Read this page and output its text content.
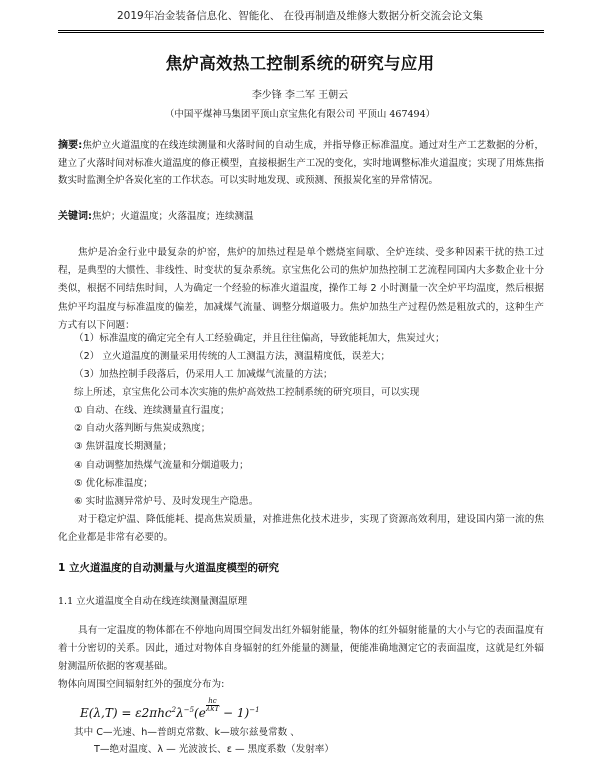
2019年冶金装备信息化、智能化、 在役再制造及维修大数据分析交流会论文集
焦炉高效热工控制系统的研究与应用
李少锋 李二军 王朝云
（中国平煤神马集团平顶山京宝焦化有限公司 平顶山 467494）
摘要:焦炉立火道温度的在线连续测量和火落时间的自动生成，并指导修正标准温度。通过对生产工艺数据的分析，建立了火落时间对标准火道温度的修正模型，直接根据生产工况的变化，实时地调整标准火道温度；实现了用炼焦指数实时监测全炉各炭化室的工作状态。可以实时地发现、或预测、预报炭化室的异常情况。
关键词:焦炉；火道温度；火落温度；连续测温
焦炉是冶金行业中最复杂的炉窑，焦炉的加热过程是单个燃烧室间歇、全炉连续、受多种因素干扰的热工过程，是典型的大惯性、非线性、时变状的复杂系统。京宝焦化公司的焦炉加热控制工艺流程同国内大多数企业十分类似，根据不同结焦时间，人为确定一个经验的标准火道温度，操作工每 2 小时测量一次全炉平均温度，然后根据焦炉平均温度与标准温度的偏差，加减煤气流量、调整分烟道吸力。焦炉加热生产过程仍然是粗放式的，这种生产方式有以下问题：
（1）标准温度的确定完全有人工经验确定，并且往往偏高，导致能耗加大，焦炭过火；
（2） 立火道温度的测量采用传统的人工测温方法，测温精度低，误差大；
（3）加热控制手段落后，仍采用人工 加减煤气流量的方法；
综上所述，京宝焦化公司本次实施的焦炉高效热工控制系统的研究项目，可以实现
① 自动、在线、连续测量直行温度；
② 自动火落判断与焦炭成熟度；
③ 焦饼温度长期测量；
④ 自动调整加热煤气流量和分烟道吸力；
⑤ 优化标准温度；
⑥ 实时监测异常炉号、及时发现生产隐患。
对于稳定炉温、降低能耗、提高焦炭质量，对推进焦化技术进步，实现了资源高效利用，建设国内第一流的焦化企业都是非常有必要的。
1 立火道温度的自动测量与火道温度模型的研究
1.1 立火道温度全自动在线连续测量测温原理
具有一定温度的物体都在不停地向周围空间发出红外辐射能量，物体的红外辐射能量的大小与它的表面温度有着十分密切的关系。因此，通过对物体自身辐射的红外能量的测量，便能准确地测定它的表面温度，这就是红外辐射测温所依据的客观基础。
物体向周围空间辐射红外的强度分布为:
$E(\lambda,T) = \varepsilon 2\pi hc^2\lambda^{-5}(e\frac{hc}{\text{λkT}} - 1)^{-1}$
其中 C—光速、h—普朗克常数、k—玻尔兹曼常数 、
T—绝对温度、λ — 光波波长、ε — 黑度系数（发射率）
